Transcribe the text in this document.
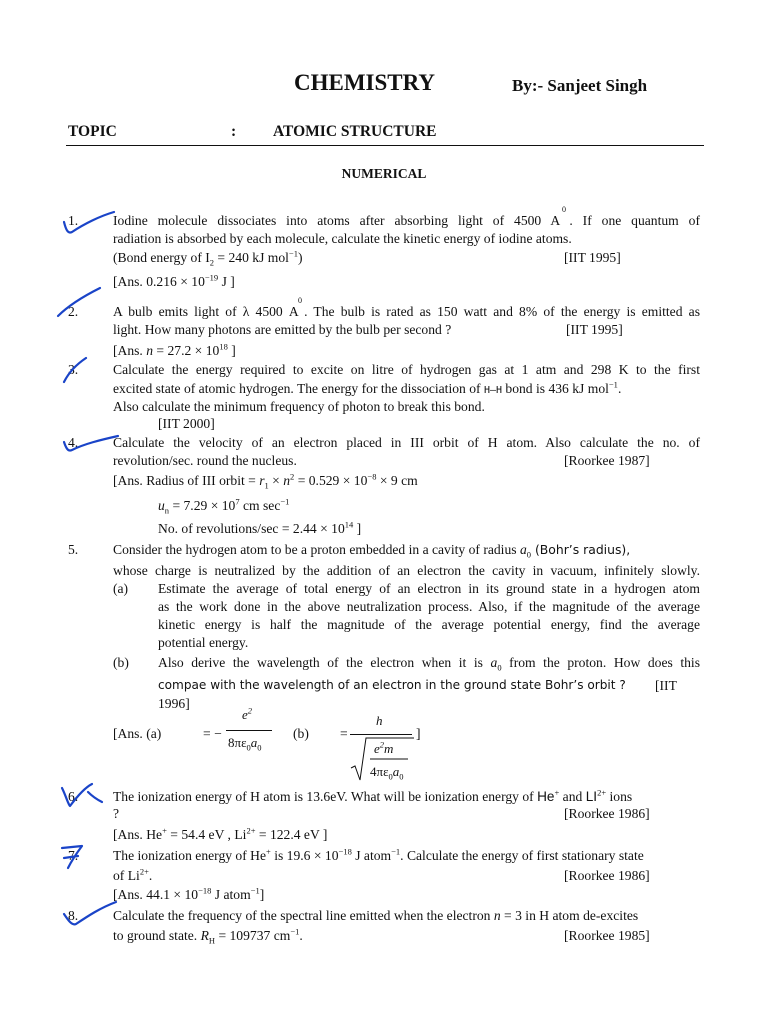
CHEMISTRY	By:- Sanjeet Singh
TOPIC	: ATOMIC STRUCTURE
NUMERICAL
1.
0
Iodine molecule dissociates into atoms after absorbing light of 4500 A . If one quantum of
radiation is absorbed by each molecule, calculate the kinetic energy of iodine atoms.
(Bond energy of $I_2 = 240$ kJ mol$^{-1}$)	[IIT 1995]
[Ans. $0.216 \times 10^{-19}$ J ]
2.
0
A bulb emits light of λ 4500 A . The bulb is rated as 150 watt and 8% of the energy is emitted as
light. How many photons are emitted by the bulb per second ?	[IIT 1995]
[Ans. $n = 27.2 \times 10^{18}$ ]
3.	Calculate the energy required to excite on litre of hydrogen gas at 1 atm and 298 K to the first
excited state of atomic hydrogen. The energy for the dissociation of H—H bond is 436 kJ mol$^{-1}$.
Also calculate the minimum frequency of photon to break this bond.
[IIT 2000]
4.	Calculate the velocity of an electron placed in III orbit of H atom. Also calculate the no. of
revolution/sec. round the nucleus.	[Roorkee 1987]
[Ans. Radius of III orbit = $r_1 \times n^2 = 0.529 \times 10^{-8} \times 9$ cm
$u_n = 7.29 \times 10^7$ cm $\sec^{-1}$
No. of revolutions/sec = $2.44 \times 10^{14}$ ]
5.	Consider the hydrogen atom to be a proton embedded in a cavity of radius $a_0$ (Bohr’s radius),
whose charge is neutralized by the addition of an electron the cavity in vacuum, infinitely slowly.
(a) Estimate the average of total energy of an electron in its ground state in a hydrogen atom
as the work done in the above neutralization process. Also, if the magnitude of the average
kinetic energy is half the magnitude of the average potential energy, find the average
potential energy.
(b) Also derive the wavelength of the electron when it is $a_0$ from the proton. How does this
compae with the wavelength of an electron in the ground state Bohr’s orbit ? [IIT
1996]
[Ans. (a)	= −
$e^2$
$8\pi\varepsilon_0a_0$
(b) =
h
$e^2m$
$4\pi\varepsilon_0a_0$
]
6.	The ionization energy of H atom is 13.6eV. What will be ionization energy of He+ and $LI^{2+}$ ions
?	[Roorkee 1986]
[Ans. He+ = 54.4 eV , $Li^{2+} = 122.4$ eV ]
7.	The ionization energy of He+ is $19.6 \times 10^{-18}$ J atom$^{-1}$. Calculate the energy of first stationary state
of $Li^{2+}$.	[Roorkee 1986]
[Ans. $44.1 \times 10^{-18}$ J atom$^{-1}$]
8.	Calculate the frequency of the spectral line emitted when the electron n = 3 in H atom de-excites
to ground state. $R_H = 109737$ $cm^{-1}$.	[Roorkee 1985]
